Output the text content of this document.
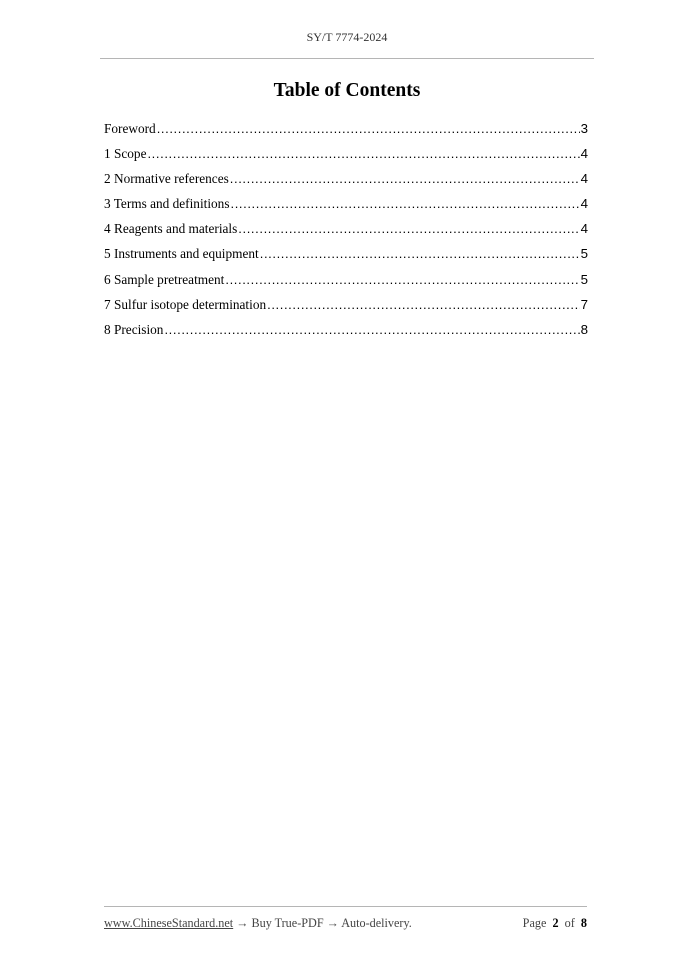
SY/T 7774-2024
Table of Contents
Foreword .....	3
1 Scope .....	4
2 Normative references .....	4
3 Terms and definitions .....	4
4 Reagents and materials .....	4
5 Instruments and equipment .....	5
6 Sample pretreatment .....	5
7 Sulfur isotope determination .....	7
8 Precision .....	8
www.ChineseStandard.net → Buy True-PDF → Auto-delivery.	Page 2 of 8
